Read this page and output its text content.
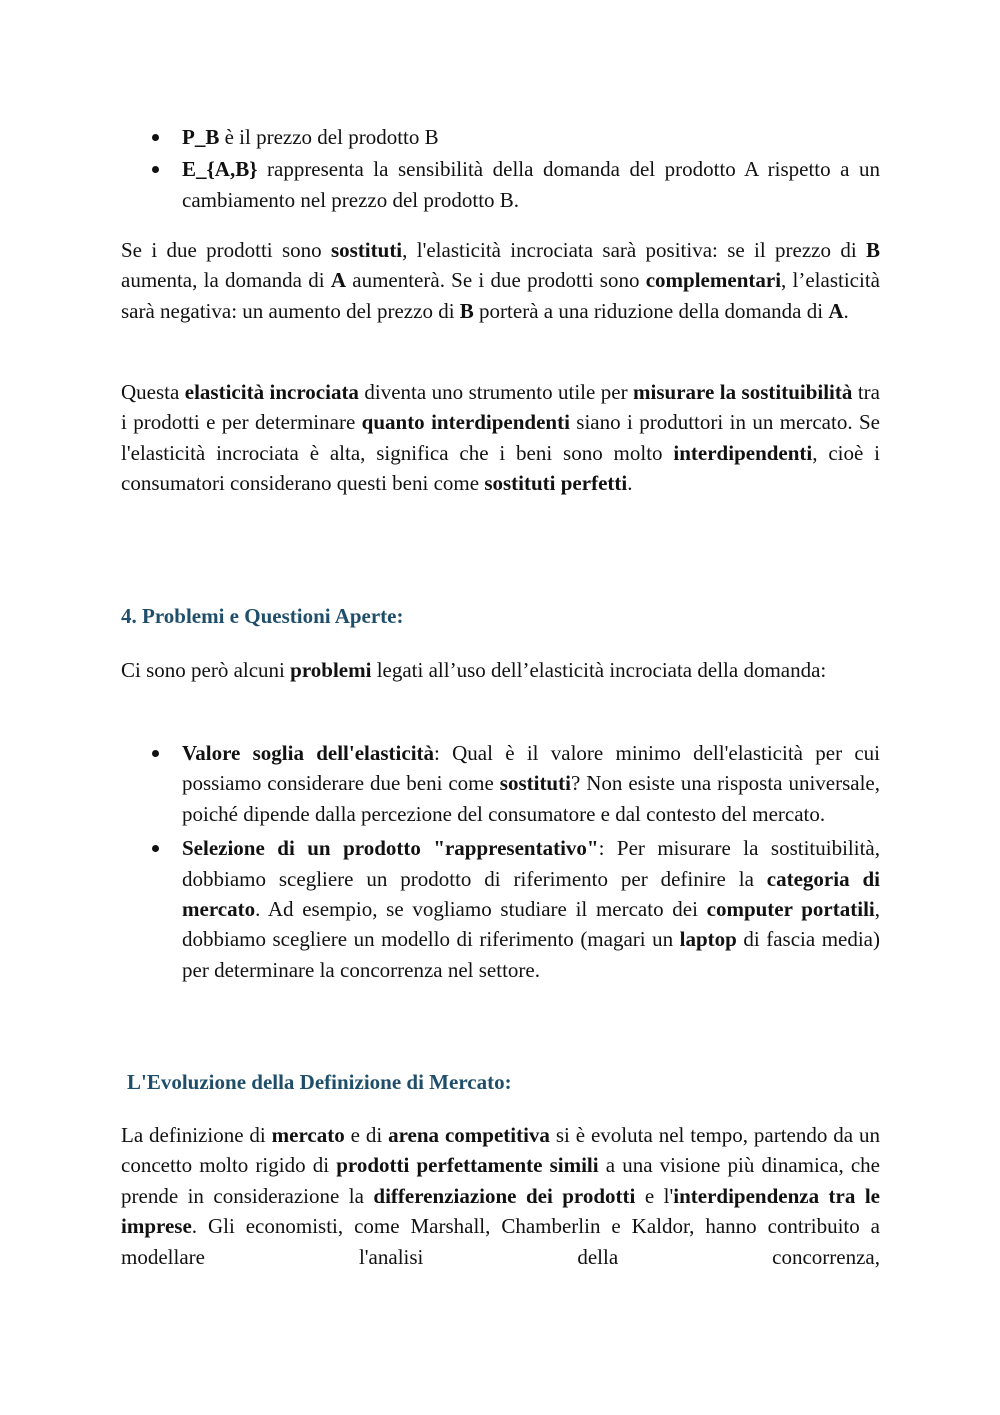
P_B è il prezzo del prodotto B
E_{A,B} rappresenta la sensibilità della domanda del prodotto A rispetto a un cambiamento nel prezzo del prodotto B.

Se i due prodotti sono sostituti, l'elasticità incrociata sarà positiva: se il prezzo di B aumenta, la domanda di A aumenterà. Se i due prodotti sono complementari, l’elasticità sarà negativa: un aumento del prezzo di B porterà a una riduzione della domanda di A.

Questa elasticità incrociata diventa uno strumento utile per misurare la sostituibilità tra i prodotti e per determinare quanto interdipendenti siano i produttori in un mercato. Se l'elasticità incrociata è alta, significa che i beni sono molto interdipendenti, cioè i consumatori considerano questi beni come sostituti perfetti.

4. Problemi e Questioni Aperte:

Ci sono però alcuni problemi legati all’uso dell’elasticità incrociata della domanda:

Valore soglia dell'elasticità: Qual è il valore minimo dell'elasticità per cui possiamo considerare due beni come sostituti? Non esiste una risposta universale, poiché dipende dalla percezione del consumatore e dal contesto del mercato.
Selezione di un prodotto "rappresentativo": Per misurare la sostituibilità, dobbiamo scegliere un prodotto di riferimento per definire la categoria di mercato. Ad esempio, se vogliamo studiare il mercato dei computer portatili, dobbiamo scegliere un modello di riferimento (magari un laptop di fascia media) per determinare la concorrenza nel settore.
L'Evoluzione della Definizione di Mercato:

La definizione di mercato e di arena competitiva si è evoluta nel tempo, partendo da un concetto molto rigido di prodotti perfettamente simili a una visione più dinamica, che prende in considerazione la differenziazione dei prodotti e l'interdipendenza tra le imprese. Gli economisti, come Marshall, Chamberlin e Kaldor, hanno contribuito a modellare l'analisi della concorrenza,
